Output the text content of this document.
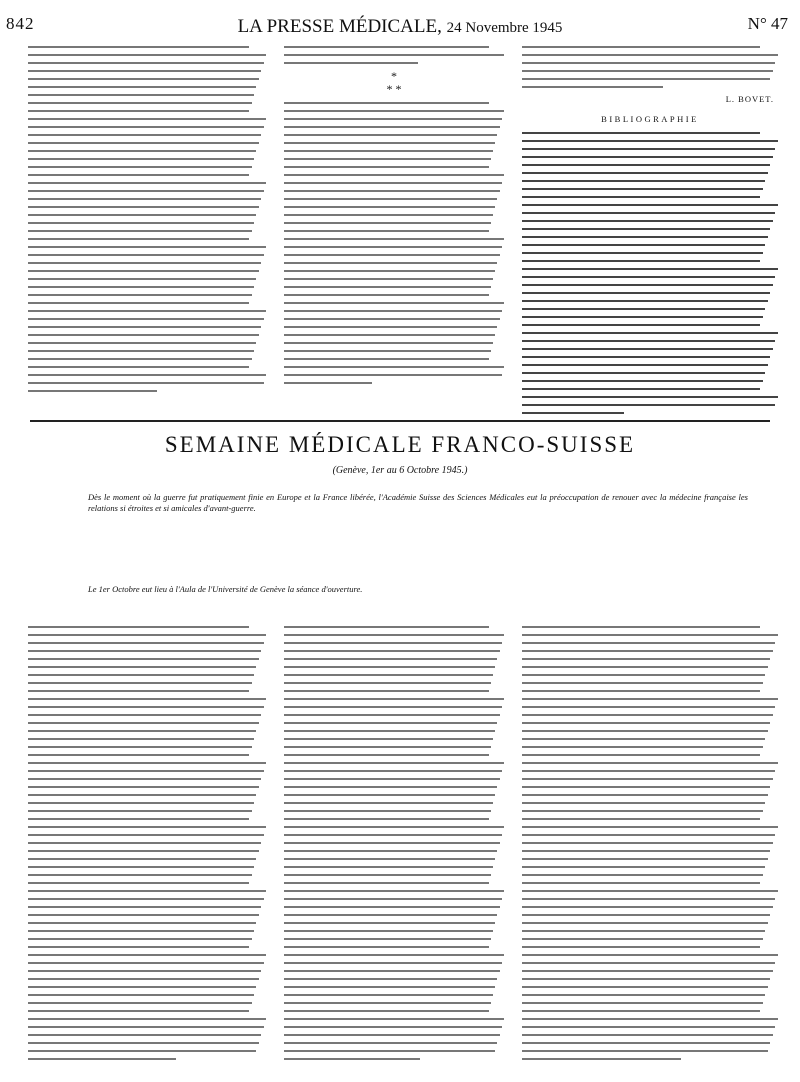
842	LA PRESSE MÉDICALE, 24 Novembre 1945	N° 47
*
* *
L. BOVET.
BIBLIOGRAPHIE
SEMAINE MÉDICALE FRANCO-SUISSE
(Genève, 1er au 6 Octobre 1945.)
Dès le moment où la guerre fut pratiquement finie en Europe et la France libérée, l'Académie Suisse des Sciences Médicales eut la préoccupation de renouer avec la médecine française les relations si étroites et si amicales d'avant-guerre.
Le 1er Octobre eut lieu à l'Aula de l'Université de Genève la séance d'ouverture.
